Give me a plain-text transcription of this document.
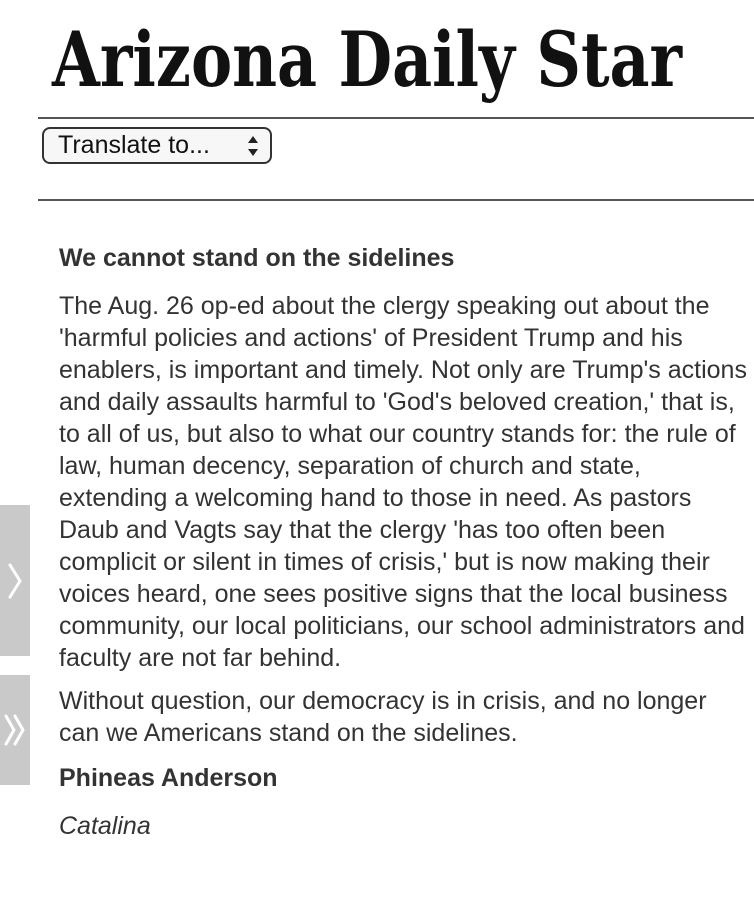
Arizona Daily Star
Translate to...
We cannot stand on the sidelines

The Aug. 26 op-ed about the clergy speaking out about the 'harmful policies and actions' of President Trump and his enablers, is important and timely. Not only are Trump's actions and daily assaults harmful to 'God's beloved creation,' that is, to all of us, but also to what our country stands for: the rule of law, human decency, separation of church and state, extending a welcoming hand to those in need. As pastors Daub and Vagts say that the clergy 'has too often been complicit or silent in times of crisis,' but is now making their voices heard, one sees positive signs that the local business community, our local politicians, our school administrators and faculty are not far behind.

Without question, our democracy is in crisis, and no longer can we Americans stand on the sidelines.

Phineas Anderson

Catalina
